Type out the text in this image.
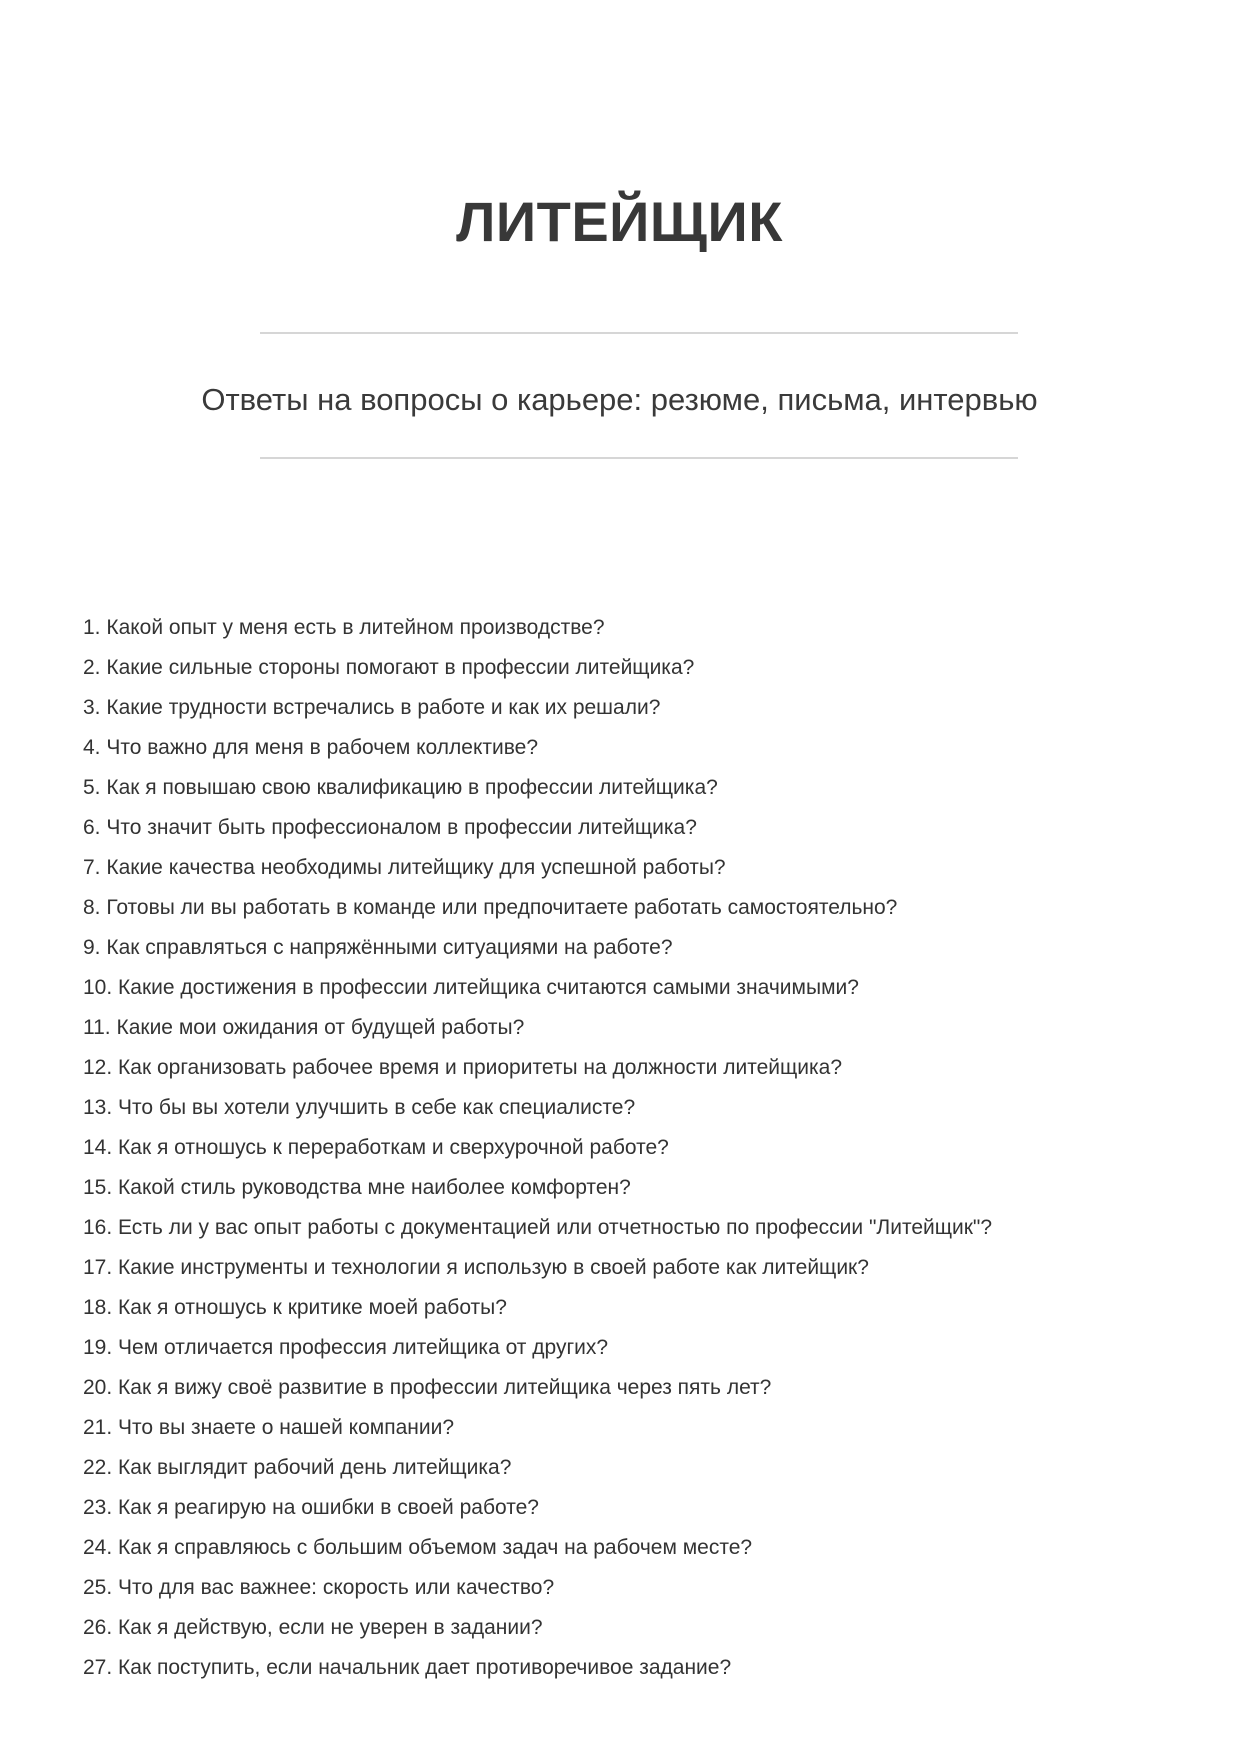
ЛИТЕЙЩИК
Ответы на вопросы о карьере: резюме, письма, интервью
1. Какой опыт у меня есть в литейном производстве?
2. Какие сильные стороны помогают в профессии литейщика?
3. Какие трудности встречались в работе и как их решали?
4. Что важно для меня в рабочем коллективе?
5. Как я повышаю свою квалификацию в профессии литейщика?
6. Что значит быть профессионалом в профессии литейщика?
7. Какие качества необходимы литейщику для успешной работы?
8. Готовы ли вы работать в команде или предпочитаете работать самостоятельно?
9. Как справляться с напряжёнными ситуациями на работе?
10. Какие достижения в профессии литейщика считаются самыми значимыми?
11. Какие мои ожидания от будущей работы?
12. Как организовать рабочее время и приоритеты на должности литейщика?
13. Что бы вы хотели улучшить в себе как специалисте?
14. Как я отношусь к переработкам и сверхурочной работе?
15. Какой стиль руководства мне наиболее комфортен?
16. Есть ли у вас опыт работы с документацией или отчетностью по профессии "Литейщик"?
17. Какие инструменты и технологии я использую в своей работе как литейщик?
18. Как я отношусь к критике моей работы?
19. Чем отличается профессия литейщика от других?
20. Как я вижу своё развитие в профессии литейщика через пять лет?
21. Что вы знаете о нашей компании?
22. Как выглядит рабочий день литейщика?
23. Как я реагирую на ошибки в своей работе?
24. Как я справляюсь с большим объемом задач на рабочем месте?
25. Что для вас важнее: скорость или качество?
26. Как я действую, если не уверен в задании?
27. Как поступить, если начальник дает противоречивое задание?
